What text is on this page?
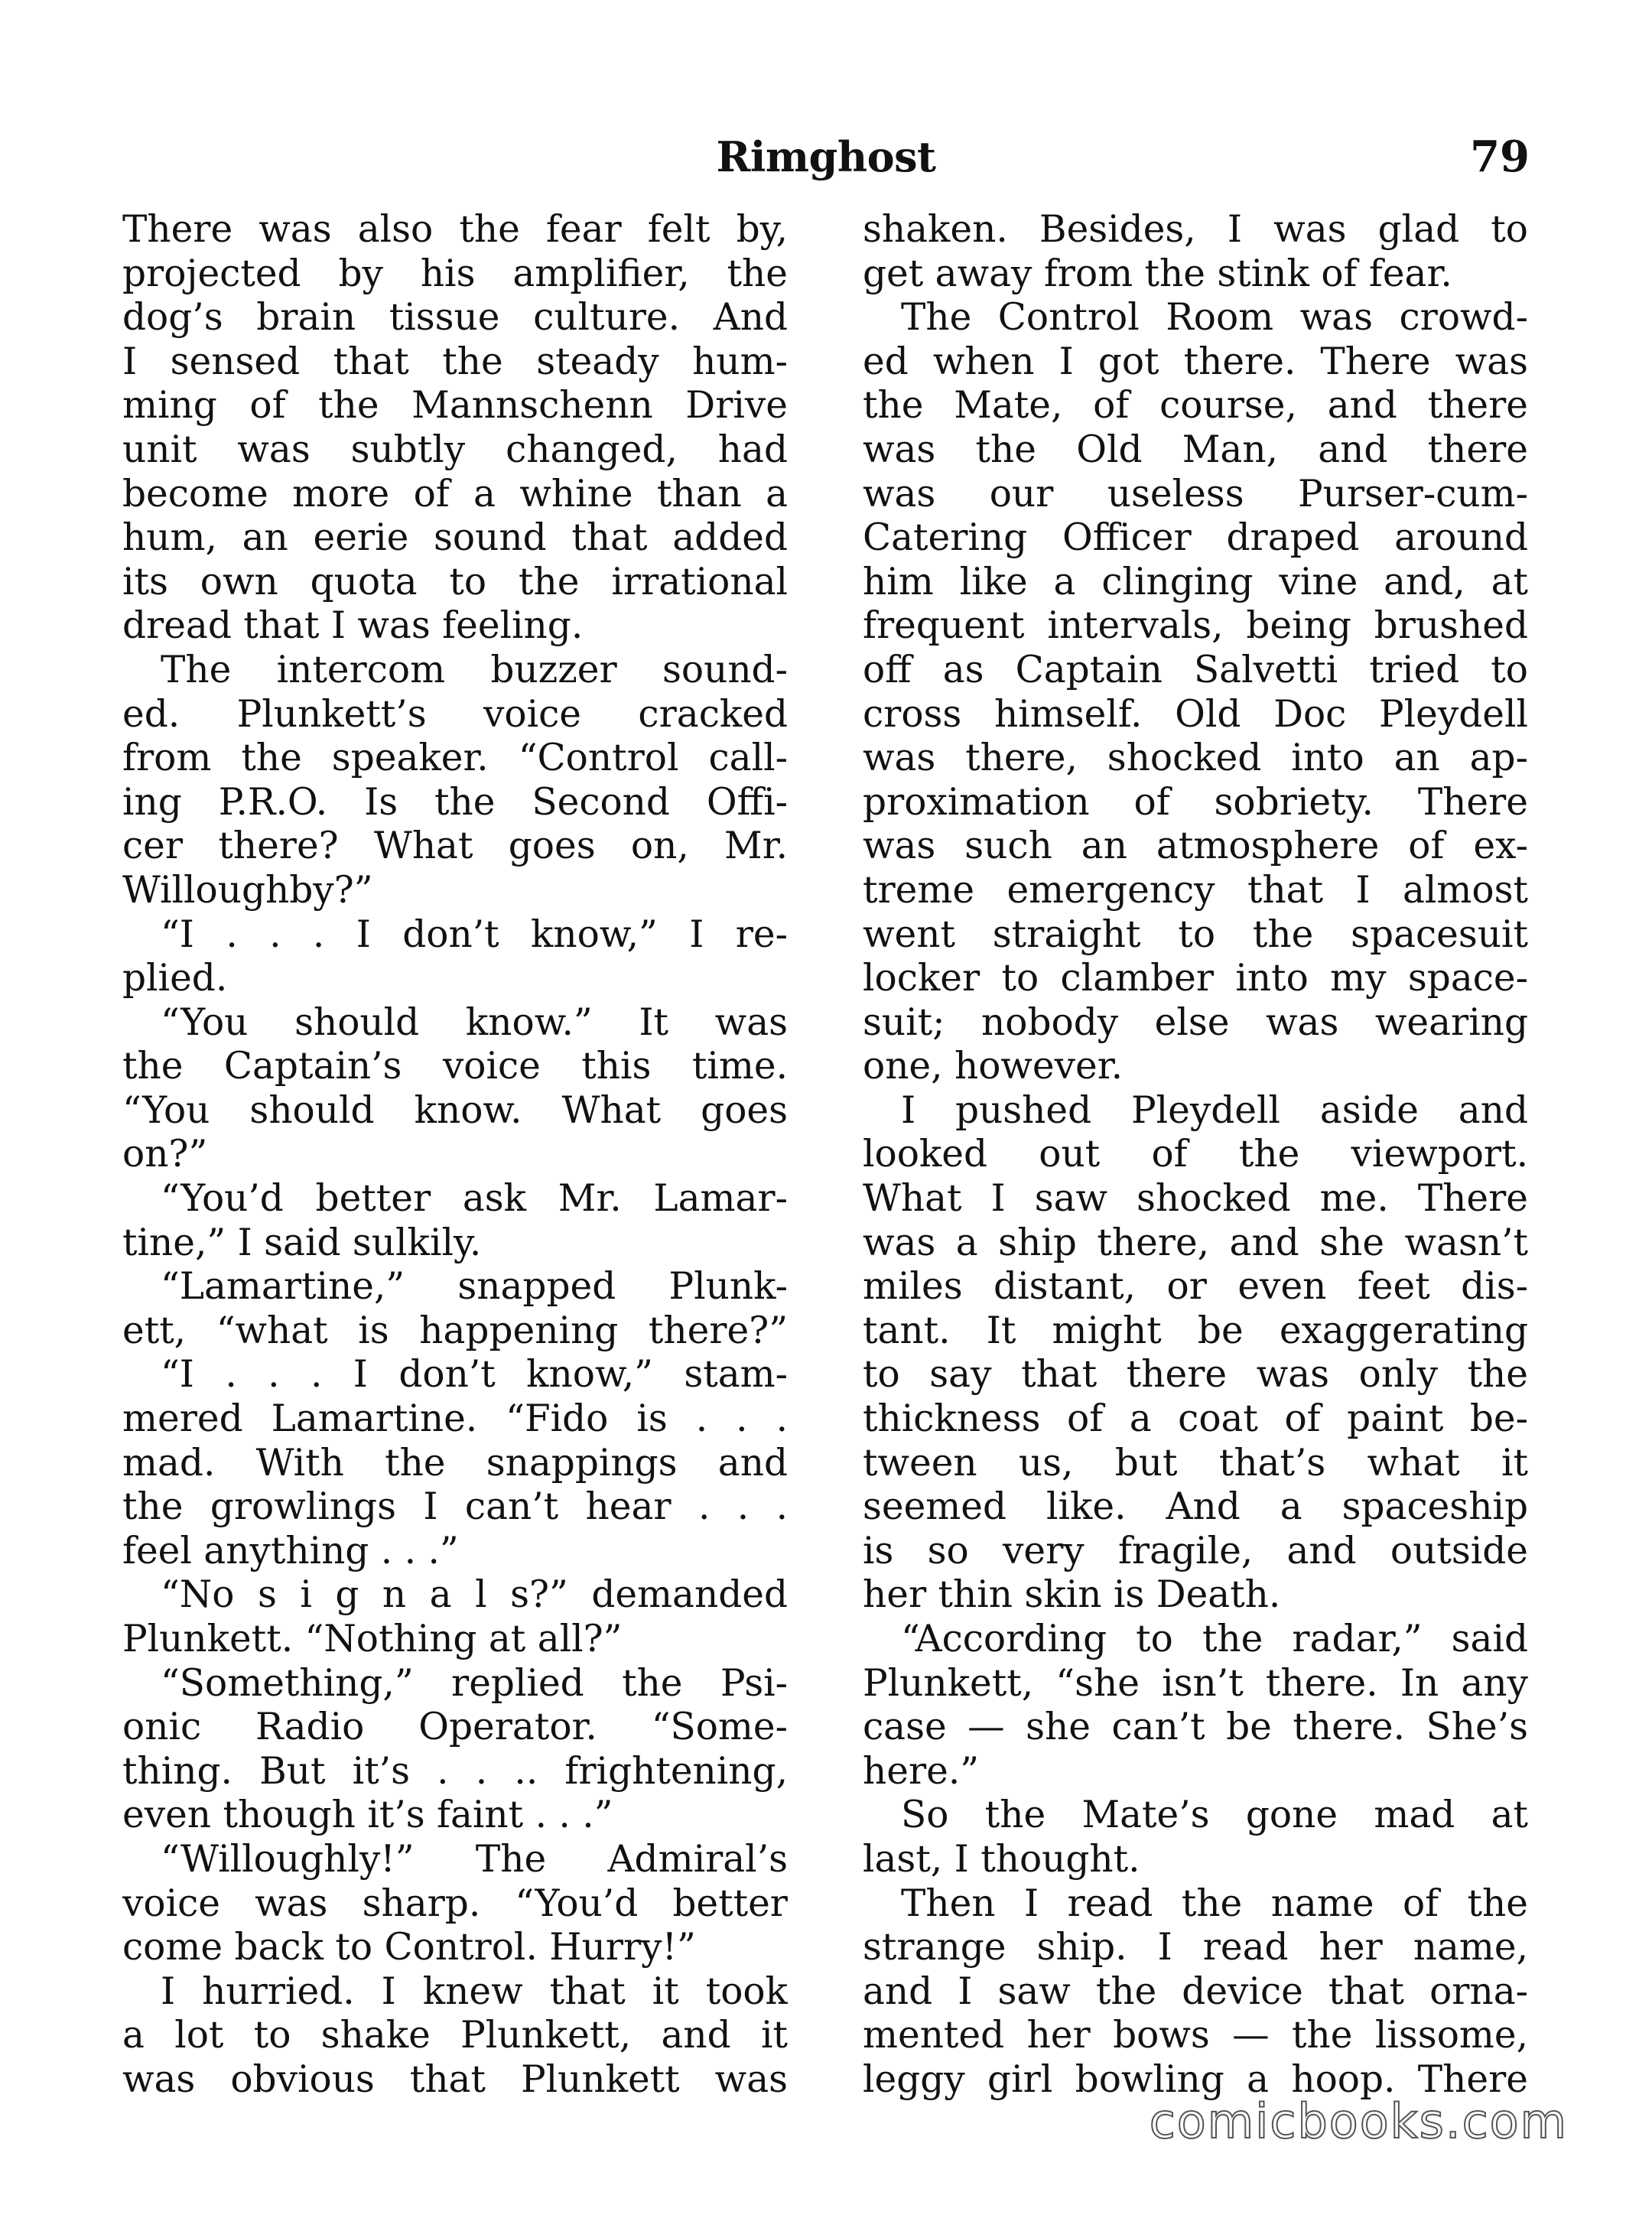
Rimghost	79
There was also the fear felt by,
projected by his amplifier, the
dog’s brain tissue culture. And
I sensed that the steady hum-
ming of the Mannschenn Drive
unit was subtly changed, had
become more of a whine than a
hum, an eerie sound that added
its own quota to the irrational
dread that I was feeling.
The intercom buzzer sound-
ed. Plunkett’s voice cracked
from the speaker. “Control call-
ing P.R.O. Is the Second Offi-
cer there? What goes on, Mr.
Willoughby?”
“I . . . I don’t know,” I re-
plied.
“You should know.” It was
the Captain’s voice this time.
“You should know. What goes
on?”
“You’d better ask Mr. Lamar-
tine,” I said sulkily.
“Lamartine,” snapped Plunk-
ett, “what is happening there?”
“I . . . I don’t know,” stam-
mered Lamartine. “Fido is . . .
mad. With the snappings and
the growlings I can’t hear . . .
feel anything . . .”
“No s i g n a l s?” demanded
Plunkett. “Nothing at all?”
“Something,” replied the Psi-
onic Radio Operator. “Some-
thing. But it’s . . .. frightening,
even though it’s faint . . .”
“Willoughly!” The Admiral’s
voice was sharp. “You’d better
come back to Control. Hurry!”
I hurried. I knew that it took
a lot to shake Plunkett, and it
was obvious that Plunkett was
shaken. Besides, I was glad to
get away from the stink of fear.
The Control Room was crowd-
ed when I got there. There was
the Mate, of course, and there
was the Old Man, and there
was our useless Purser-cum-
Catering Officer draped around
him like a clinging vine and, at
frequent intervals, being brushed
off as Captain Salvetti tried to
cross himself. Old Doc Pleydell
was there, shocked into an ap-
proximation of sobriety. There
was such an atmosphere of ex-
treme emergency that I almost
went straight to the spacesuit
locker to clamber into my space-
suit; nobody else was wearing
one, however.
I pushed Pleydell aside and
looked out of the viewport.
What I saw shocked me. There
was a ship there, and she wasn’t
miles distant, or even feet dis-
tant. It might be exaggerating
to say that there was only the
thickness of a coat of paint be-
tween us, but that’s what it
seemed like. And a spaceship
is so very fragile, and outside
her thin skin is Death.
“According to the radar,” said
Plunkett, “she isn’t there. In any
case — she can’t be there. She’s
here.”
So the Mate’s gone mad at
last, I thought.
Then I read the name of the
strange ship. I read her name,
and I saw the device that orna-
mented her bows — the lissome,
leggy girl bowling a hoop. There
comicbooks.com
